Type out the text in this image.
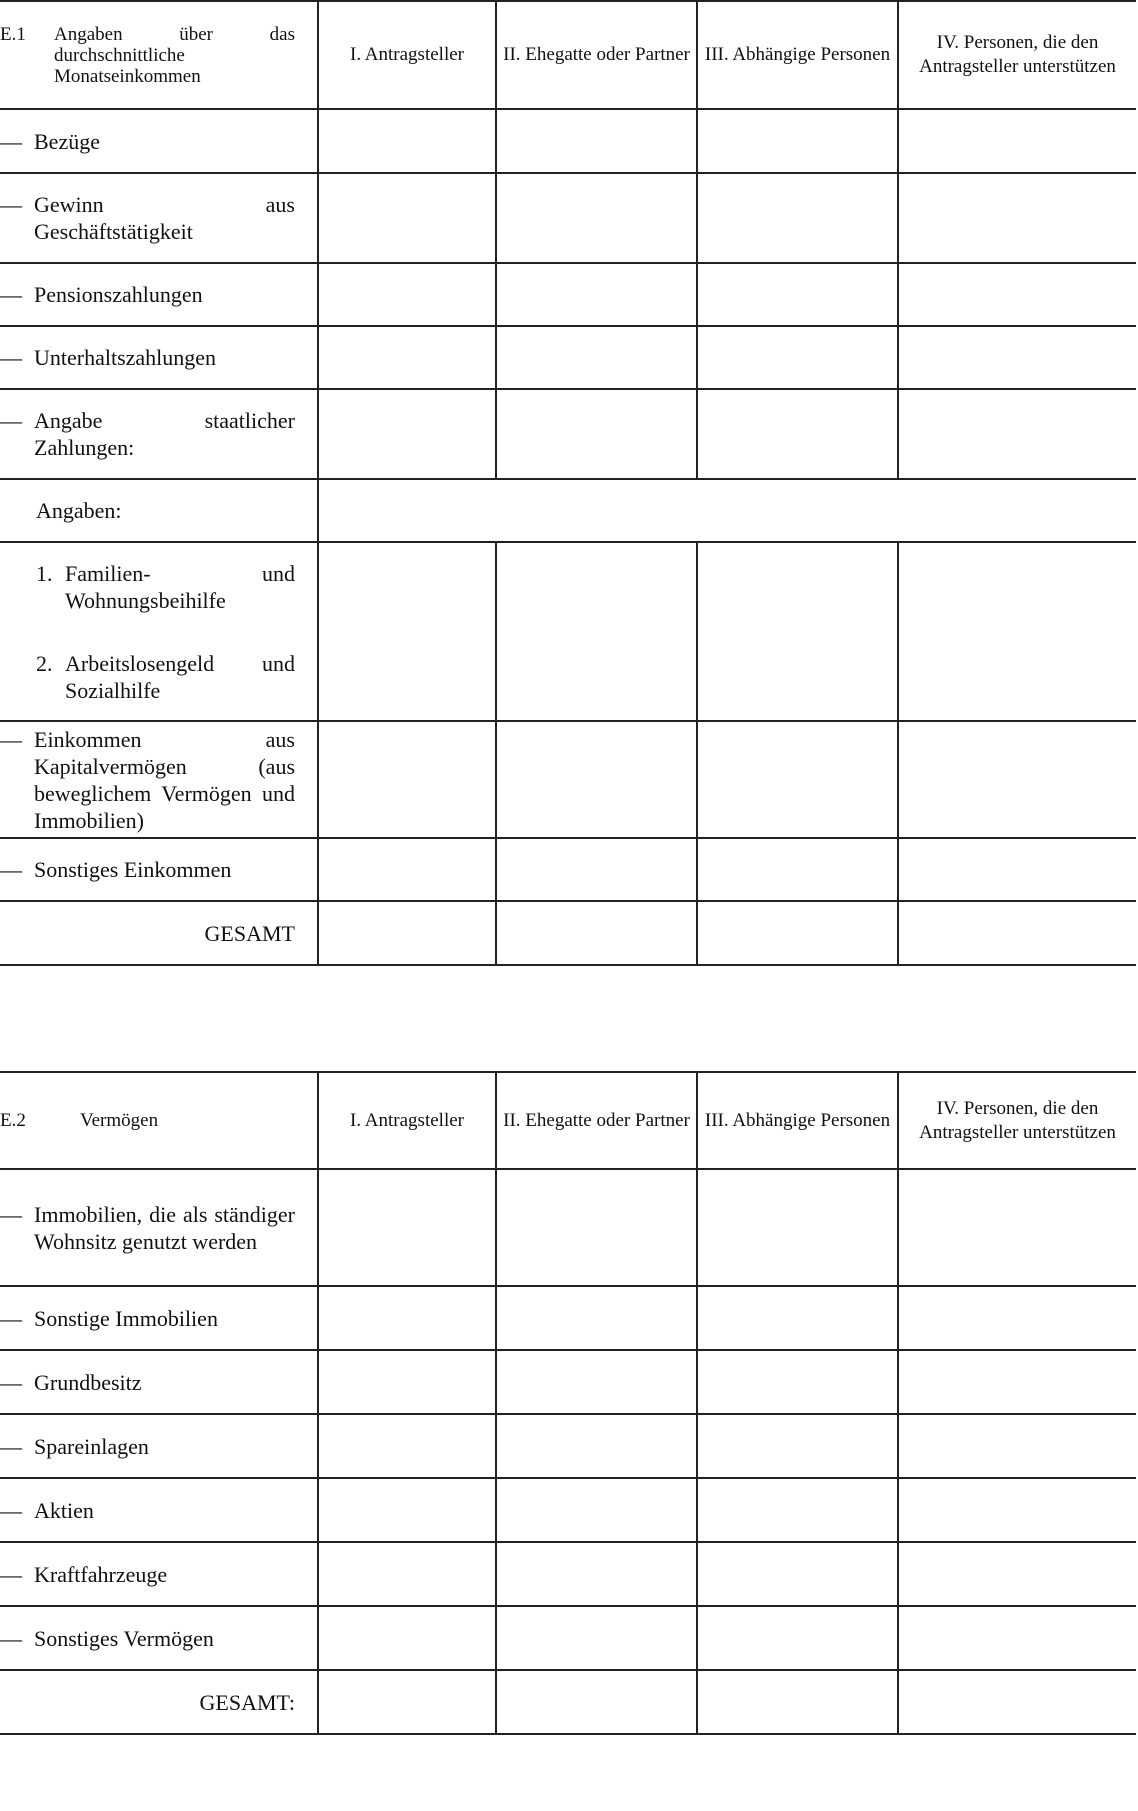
E.1 Angaben über das durchschnittliche Monatseinkommen	I. Antragsteller	II. Ehegatte oder Partner	III. Abhängige Personen	IV. Personen, die den Antragsteller unterstützen

— Bezüge				

— Gewinn aus Geschäftstätigkeit				

— Pensionszahlungen				

— Unterhaltszahlungen				

— Angabe staatlicher Zahlungen:				

Angaben:				

1. Familien- und Wohnungsbeihilfe
2. Arbeitslosengeld und Sozialhilfe				

— Einkommen aus Kapitalvermögen (aus beweglichem Vermögen und Immobilien)				

— Sonstiges Einkommen				

GESAMT				

E.2 Vermögen	I. Antragsteller	II. Ehegatte oder Partner	III. Abhängige Personen	IV. Personen, die den Antragsteller unterstützen

— Immobilien, die als ständiger Wohnsitz genutzt werden				

— Sonstige Immobilien				

— Grundbesitz				

— Spareinlagen				

— Aktien				

— Kraftfahrzeuge				

— Sonstiges Vermögen				

GESAMT:				
